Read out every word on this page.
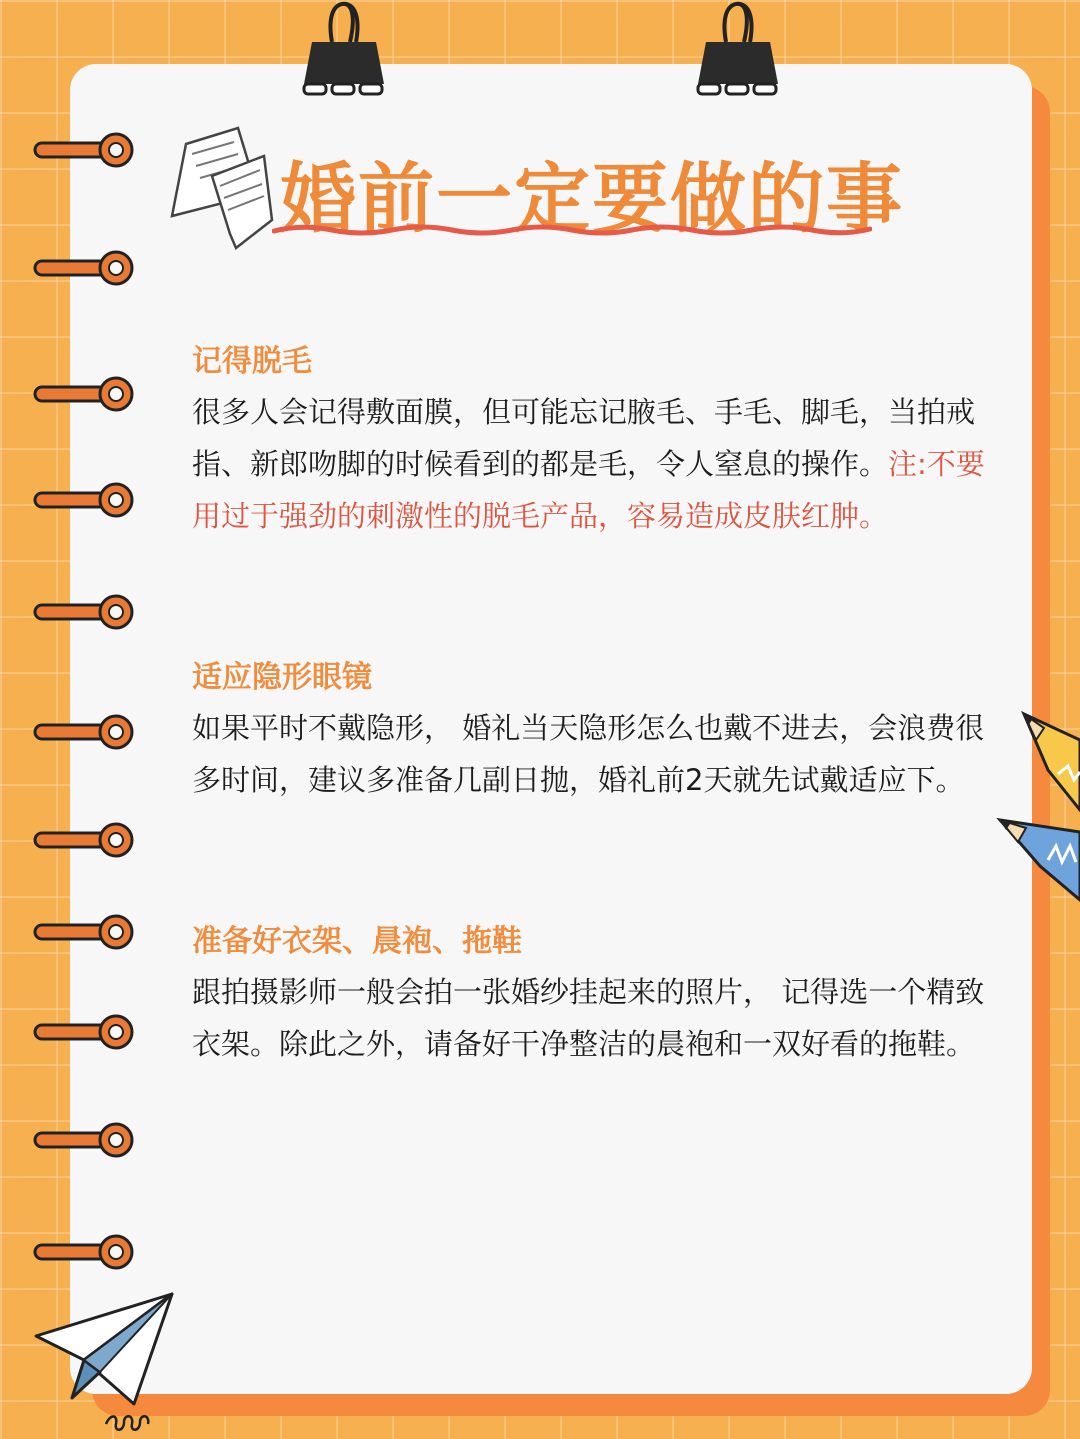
婚前一定要做的事
记得脱毛

很多人会记得敷面膜，但可能忘记腋毛、手毛、脚毛，当拍戒指、新郎吻脚的时候看到的都是毛，令人窒息的操作。注:不要用过于强劲的刺激性的脱毛产品，容易造成皮肤红肿。

适应隐形眼镜

如果平时不戴隐形， 婚礼当天隐形怎么也戴不进去，会浪费很多时间，建议多准备几副日抛，婚礼前2天就先试戴适应下。

准备好衣架、晨袍、拖鞋

跟拍摄影师一般会拍一张婚纱挂起来的照片， 记得选一个精致衣架。除此之外，请备好干净整洁的晨袍和一双好看的拖鞋。
